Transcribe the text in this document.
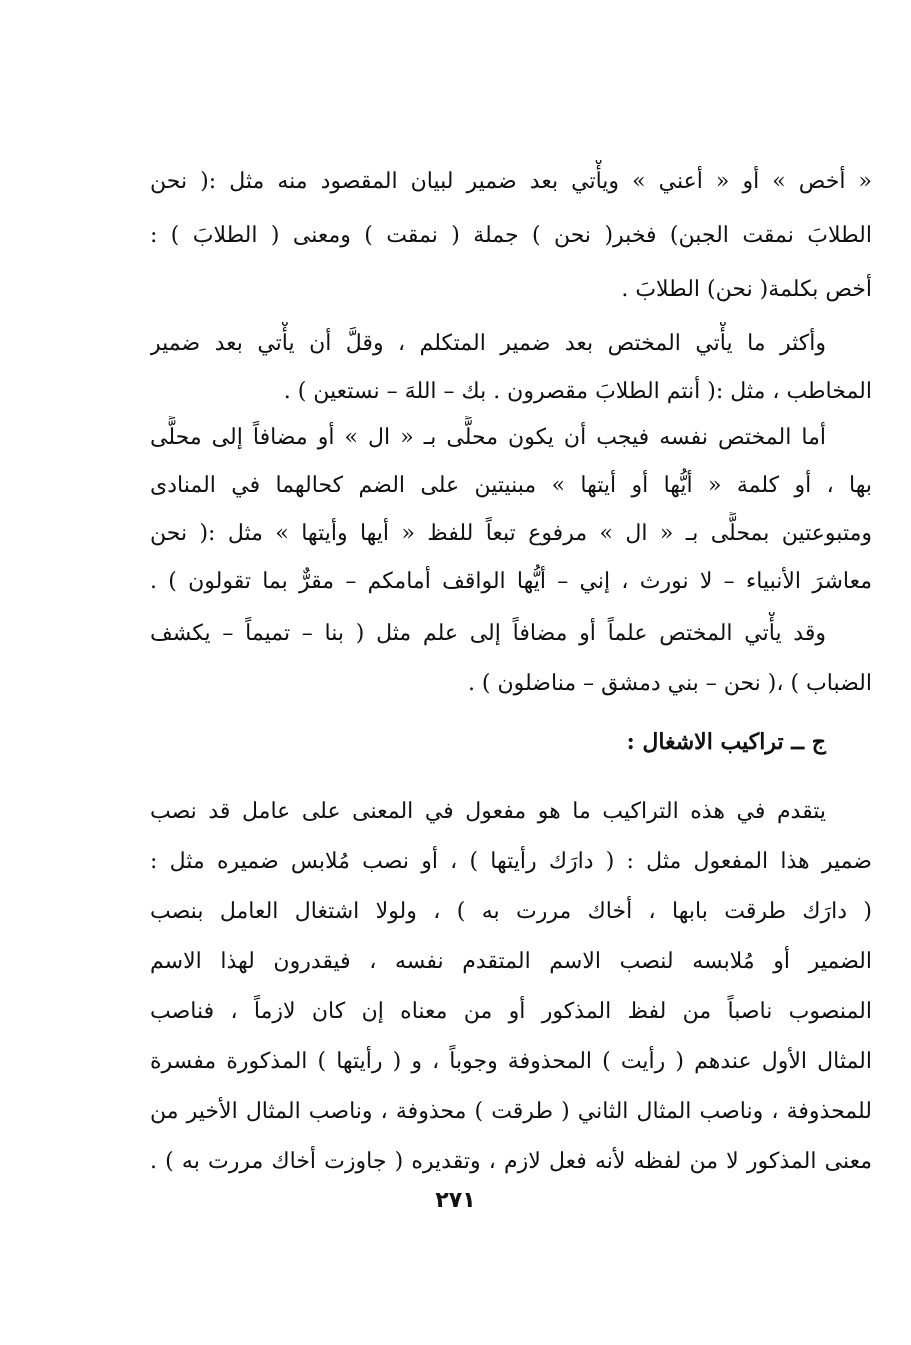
« أخص » أو « أعني » ويأْتي بعد ضمير لبيان المقصود منه مثل :( نحن
الطلابَ نمقت الجبن) فخبر( نحن ) جملة ( نمقت ) ومعنى ( الطلابَ ) :
أخص بكلمة( نحن) الطلابَ .
وأكثر ما يأْتي المختص بعد ضمير المتكلم ، وقلَّ أن يأْتي بعد ضمير
المخاطب ، مثل :( أنتم الطلابَ مقصرون . بك – اللهَ – نستعين ) .
أما المختص نفسه فيجب أن يكون محلًّى بـ « ال » أو مضافاً إلى محلًّى
بها ، أو كلمة « أيُّها أو أيتها » مبنيتين على الضم كحالهما في المنادى
ومتبوعتين بمحلًّى بـ « ال » مرفوع تبعاً للفظ « أيها وأيتها » مثل :( نحن
معاشرَ الأنبياء – لا نورث ، إني – أيُّها الواقف أمامكم – مقرٌّ بما تقولون ) .
وقد يأْتي المختص علماً أو مضافاً إلى علم مثل ( بنا – تميماً – يكشف
الضباب ) ،( نحن – بني دمشق – مناضلون ) .
ج ــ تراكيب الاشغال :
يتقدم في هذه التراكيب ما هو مفعول في المعنى على عامل قد نصب
ضمير هذا المفعول مثل : ( دارَك رأيتها ) ، أو نصب مُلابس ضميره مثل :
( دارَك طرقت بابها ، أخاك مررت به ) ، ولولا اشتغال العامل بنصب
الضمير أو مُلابسه لنصب الاسم المتقدم نفسه ، فيقدرون لهذا الاسم
المنصوب ناصباً من لفظ المذكور أو من معناه إن كان لازماً ، فناصب
المثال الأول عندهم ( رأيت ) المحذوفة وجوباً ، و ( رأيتها ) المذكورة مفسرة
للمحذوفة ، وناصب المثال الثاني ( طرقت ) محذوفة ، وناصب المثال الأخير من
معنى المذكور لا من لفظه لأنه فعل لازم ، وتقديره ( جاوزت أخاك مررت به ) .
٢٧١
